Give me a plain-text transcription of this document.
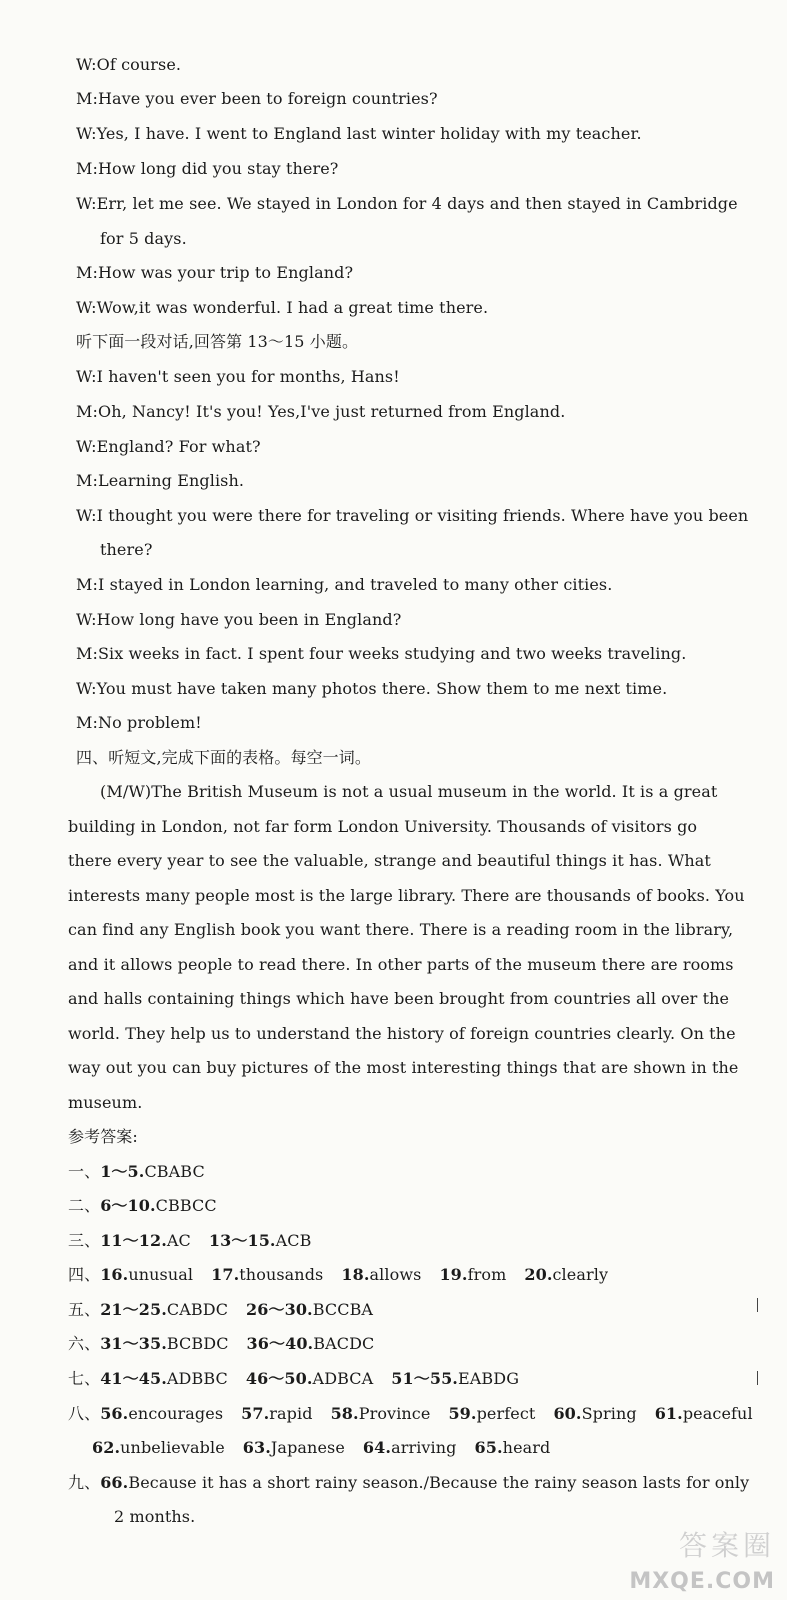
W:Of course.
M:Have you ever been to foreign countries?
W:Yes, I have. I went to England last winter holiday with my teacher.
M:How long did you stay there?
W:Err, let me see. We stayed in London for 4 days and then stayed in Cambridge
for 5 days.
M:How was your trip to England?
W:Wow,it was wonderful. I had a great time there.
听下面一段对话,回答第 13～15 小题。
W:I haven't seen you for months, Hans!
M:Oh, Nancy! It's you! Yes,I've just returned from England.
W:England? For what?
M:Learning English.
W:I thought you were there for traveling or visiting friends. Where have you been
there?
M:I stayed in London learning, and traveled to many other cities.
W:How long have you been in England?
M:Six weeks in fact. I spent four weeks studying and two weeks traveling.
W:You must have taken many photos there. Show them to me next time.
M:No problem!
四、听短文,完成下面的表格。每空一词。
(M/W)The British Museum is not a usual museum in the world. It is a great
building in London, not far form London University. Thousands of visitors go
there every year to see the valuable, strange and beautiful things it has. What
interests many people most is the large library. There are thousands of books. You
can find any English book you want there. There is a reading room in the library,
and it allows people to read there. In other parts of the museum there are rooms
and halls containing things which have been brought from countries all over the
world. They help us to understand the history of foreign countries clearly. On the
way out you can buy pictures of the most interesting things that are shown in the
museum.
参考答案:
一、1～5.CBABC
二、6～10.CBBCC
三、11～12.AC 13～15.ACB
四、16.unusual 17.thousands 18.allows 19.from 20.clearly
五、21～25.CABDC 26～30.BCCBA
六、31～35.BCBDC 36～40.BACDC
七、41～45.ADBBC 46～50.ADBCA 51～55.EABDG
八、56.encourages 57.rapid 58.Province 59.perfect 60.Spring 61.peaceful
62.unbelievable 63.Japanese 64.arriving 65.heard
九、66.Because it has a short rainy season./Because the rainy season lasts for only
2 months.
答案圈
MXQE.COM
